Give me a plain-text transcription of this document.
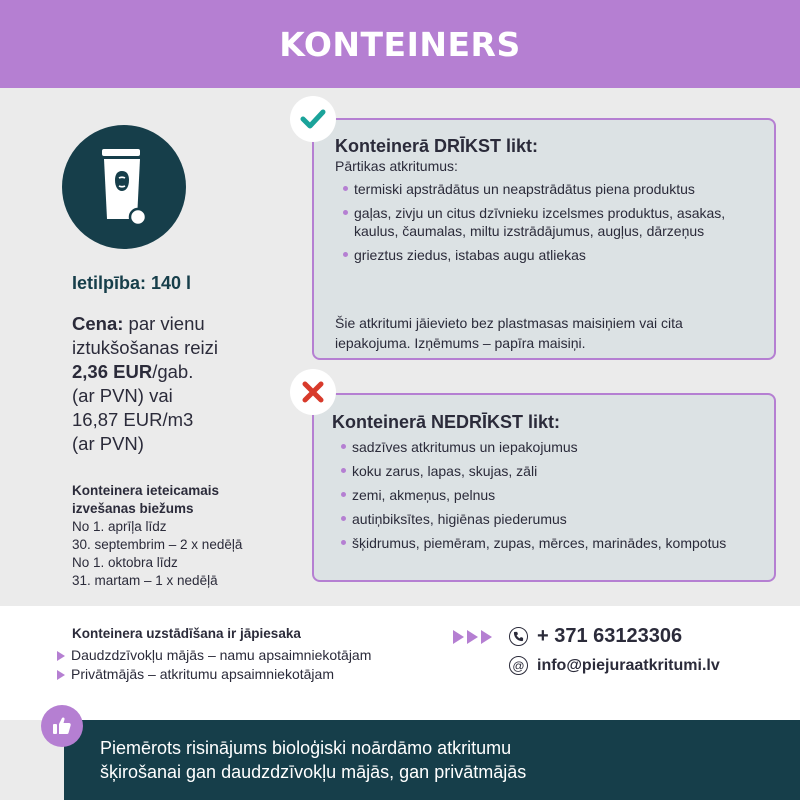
KONTEINERS
Ietilpība: 140 l
Cena: par vienu
iztukšošanas reizi
2,36 EUR/gab.
(ar PVN) vai
16,87 EUR/m3
(ar PVN)
Konteinera ieteicamais
izvešanas biežums
No 1. aprīļa līdz
30. septembrim – 2 x nedēļā
No 1. oktobra līdz
31. martam – 1 x nedēļā
Konteinerā DRĪKST likt:
Pārtikas atkritumus:
termiski apstrādātus un neapstrādātus piena produktus
gaļas, zivju un citus dzīvnieku izcelsmes produktus, asakas, kaulus, čaumalas, miltu izstrādājumus, augļus, dārzeņus
grieztus ziedus, istabas augu atliekas
Šie atkritumi jāievieto bez plastmasas maisiņiem vai cita iepakojuma. Izņēmums – papīra maisiņi.
Konteinerā NEDRĪKST likt:
sadzīves atkritumus un iepakojumus
koku zarus, lapas, skujas, zāli
zemi, akmeņus, pelnus
autiņbiksītes, higiēnas piederumus
šķidrumus, piemēram, zupas, mērces, marinādes, kompotus
Konteinera uzstādīšana ir jāpiesaka
Daudzdzīvokļu mājās – namu apsaimniekotājam
Privātmājās – atkritumu apsaimniekotājam
+ 371 63123306
@ info@piejuraatkritumi.lv

Piemērots risinājums bioloģiski noārdāmo atkritumu
šķirošanai gan daudzdzīvokļu mājās, gan privātmājās
